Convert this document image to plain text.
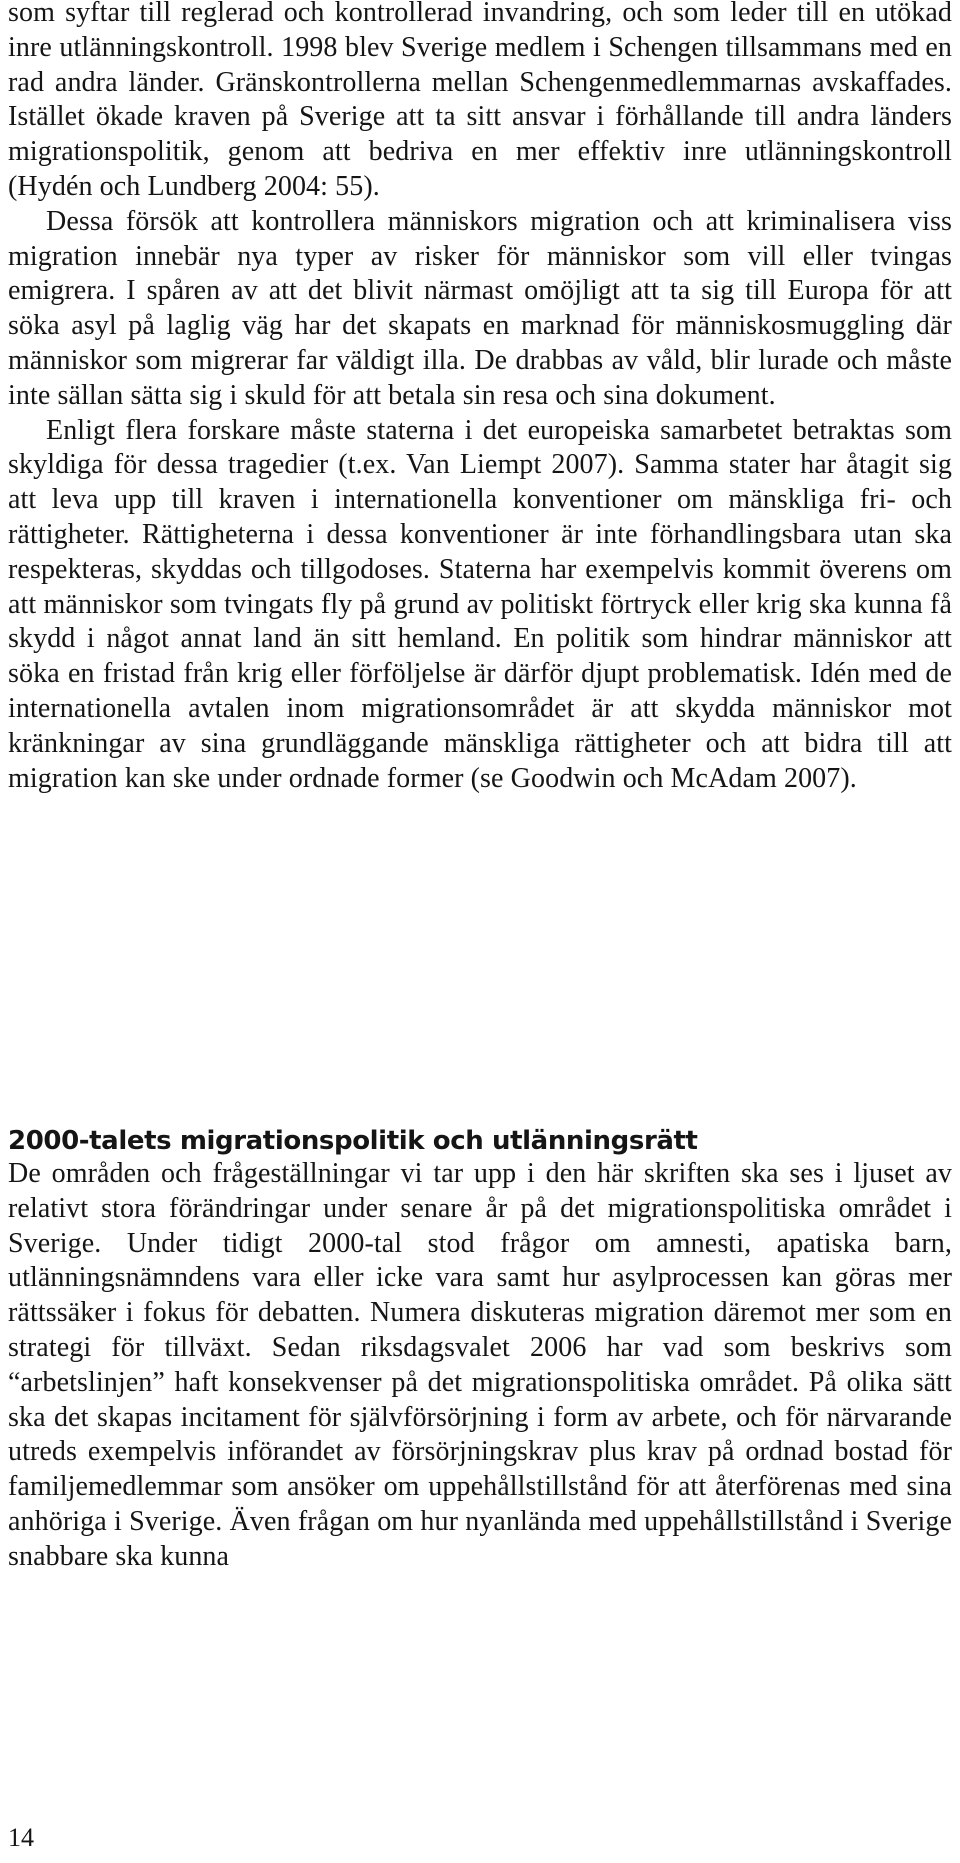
som syftar till reglerad och kontrollerad invandring, och som leder till en utökad inre utlänningskontroll. 1998 blev Sverige medlem i Schengen tillsammans med en rad andra länder. Gränskontrollerna mellan Schengenmedlemmarnas avskaffades. Istället ökade kraven på Sverige att ta sitt ansvar i förhållande till andra länders migrationspolitik, genom att bedriva en mer effektiv inre utlänningskontroll (Hydén och Lundberg 2004: 55).

Dessa försök att kontrollera människors migration och att kriminalisera viss migration innebär nya typer av risker för människor som vill eller tvingas emigrera. I spåren av att det blivit närmast omöjligt att ta sig till Europa för att söka asyl på laglig väg har det skapats en marknad för människosmuggling där människor som migrerar far väldigt illa. De drabbas av våld, blir lurade och måste inte sällan sätta sig i skuld för att betala sin resa och sina dokument.

Enligt flera forskare måste staterna i det europeiska samarbetet betraktas som skyldiga för dessa tragedier (t.ex. Van Liempt 2007). Samma stater har åtagit sig att leva upp till kraven i internationella konventioner om mänskliga fri- och rättigheter. Rättigheterna i dessa konventioner är inte förhandlingsbara utan ska respekteras, skyddas och tillgodoses. Staterna har exempelvis kommit överens om att människor som tvingats fly på grund av politiskt förtryck eller krig ska kunna få skydd i något annat land än sitt hemland. En politik som hindrar människor att söka en fristad från krig eller förföljelse är därför djupt problematisk. Idén med de internationella avtalen inom migrationsområdet är att skydda människor mot kränkningar av sina grundläggande mänskliga rättigheter och att bidra till att migration kan ske under ordnade former (se Goodwin och McAdam 2007).

2000-talets migrationspolitik och utlänningsrätt

De områden och frågeställningar vi tar upp i den här skriften ska ses i ljuset av relativt stora förändringar under senare år på det migrationspolitiska området i Sverige. Under tidigt 2000-tal stod frågor om amnesti, apatiska barn, utlänningsnämndens vara eller icke vara samt hur asylprocessen kan göras mer rättssäker i fokus för debatten. Numera diskuteras migration däremot mer som en strategi för tillväxt. Sedan riksdagsvalet 2006 har vad som beskrivs som “arbetslinjen” haft konsekvenser på det migrationspolitiska området. På olika sätt ska det skapas incitament för självförsörjning i form av arbete, och för närvarande utreds exempelvis införandet av försörjningskrav plus krav på ordnad bostad för familjemedlemmar som ansöker om uppehållstillstånd för att återförenas med sina anhöriga i Sverige. Även frågan om hur nyanlända med uppehållstillstånd i Sverige snabbare ska kunna

14
